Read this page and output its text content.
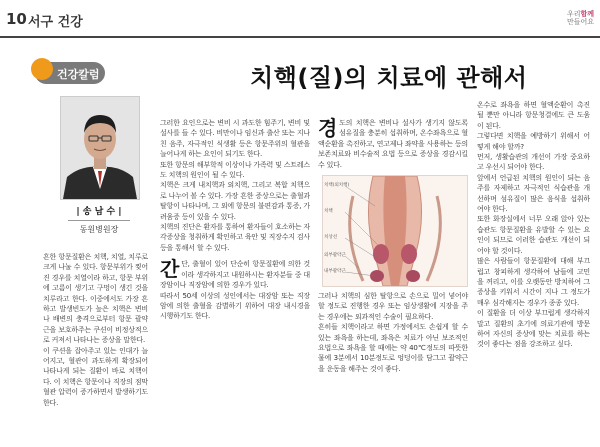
10 서구 건강
우리함께
만들어요
건강칼럼	치핵(질)의 치료에 관해서
| 송 남 수 |
동원병원장

흔한 항문질환은 치핵, 치열, 치루로 크게 나눌 수 있다. 항문부위가 찢어진 경우를 치열이라 하고, 항문 부위에 고름이 생기고 구멍이 생긴 것을 치루라고 한다. 이중에서도 가장 흔하고 발생빈도가 높은 치핵은 변비나 배변의 충격으로부터 항문 괄약근을 보호하주는 쿠션이 비정상적으로 커져서 나타나는 증상을 말한다.
이 쿠션을 잡아주고 있는 인대가 늘어지고, 혈관이 과도하게 확장되어 나타나게 되는 질환이 바로 치핵이다. 이 치핵은 항문이나 직장의 점막혈관 압력이 증가하면서 발생하기도 한다.

그러한 요인으로는 변비 시 과도한 힘주기, 변비 및 설사를 들 수 있다. 비만이나 임신과 출산 또는 지나친 음주, 자극적인 식생활 등은 항문주위의 혈관을 늘어나게 하는 요인이 되기도 한다.
또한 항문의 해부학적 이상이나 가족력 및 스트레스도 치핵의 원인이 될 수 있다.
치핵은 크게 내치핵과 외치핵, 그리고 복합 치핵으로 나누어 볼 수 있다. 가장 흔한 증상으로는 출혈과 탈항이 나타나며, 그 외에 항문의 불편감과 통증, 가려움증 등이 있을 수 있다.
치핵의 진단은 환자를 통하여 환자들이 호소하는 자각증상을 청취하게 확인하고 육안 및 직장수지 검사 등을 통해서 할 수 있다.

간단, 출혈이 있어 단순히 항문질환에 의한 것이라 생각하지고 내원하시는 환자분들 중 대장암이나 직장암에 의한 경우가 있다.
따라서 50세 이상의 성인에서는 대장암 또는 직장암에 의한 출혈을 감별하기 위하여 대장 내시경을 시행하기도 한다.

경도의 치핵은 변비나 설사가 생기지 않도록 섬유질을 충분히 섭취하며, 온수좌욕으로 혈액순환을 촉진하고, 연고제나 좌약을 사용하는 등의 보존치료와 비수술적 요법 등으로 증상을 경감시킬 수 있다.

치핵(외치핵)
치핵
치상선
외부괄약근
내부괄약근

그러나 치핵의 심한 탈항으로 손으로 밀어 넣어야 할 정도로 진행한 경우 또는 임상생활에 지장을 주는 경우에는 외과적인 수술이 필요하다.
흔히들 치핵이라고 하면 가정에서도 손쉽게 할 수 있는 좌욕을 하는데, 좌욕은 치료가 아닌 보조적인 요법으로 좌욕을 할 때에는 약 40℃정도의 따뜻한 물에 3분에서 10분정도로 엉덩이를 담그고 괄약근을 운동을 해주는 것이 좋다.

온수로 좌욕을 하면 혈액순환이 촉진될 뿐만 아니라 항문청결에도 큰 도움이 된다.
그렇다면 치핵을 예방하기 위해서 어떻게 해야 할까?
먼저, 생활습관의 개선이 가장 중요하고 우선시 되어야 한다.
앞에서 언급된 치핵의 원인이 되는 음주를 자제하고 자극적인 식습관을 개선하며 섬유질이 많은 음식을 섭취하여야 한다.
또한 화장실에서 너무 오래 앉아 있는 습관도 항문질환을 유발할 수 있는 요인이 되므로 이러한 습관도 개선이 되어야 할 것이다.
많은 사람들이 항문질환에 대해 부끄럽고 창피하게 생각하여 남들에 고민을 꺼리고, 이를 오랫동안 방치하여 그 증상을 키워서 시간이 지나 그 정도가 매우 심각해지는 경우가 종종 있다.
이 질환을 더 이상 부끄럽게 생각하지 말고 질환의 초기에 의료기관에 방문하여 자신의 증상에 맞는 치료를 하는 것이 좋다는 점을 강조하고 싶다.
